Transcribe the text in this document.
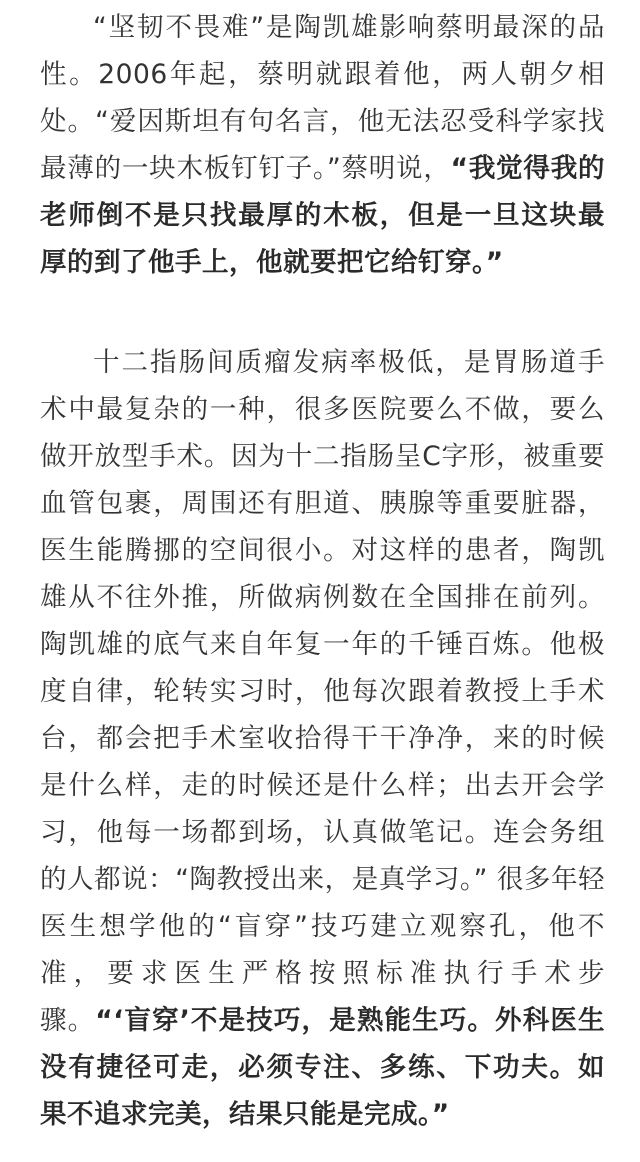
“坚韧不畏难”是陶凯雄影响蔡明最深的品性。2006年起，蔡明就跟着他，两人朝夕相处。“爱因斯坦有句名言，他无法忍受科学家找最薄的一块木板钉钉子。”蔡明说，“我觉得我的老师倒不是只找最厚的木板，但是一旦这块最厚的到了他手上，他就要把它给钉穿。”

十二指肠间质瘤发病率极低，是胃肠道手术中最复杂的一种，很多医院要么不做，要么做开放型手术。因为十二指肠呈C字形，被重要血管包裹，周围还有胆道、胰腺等重要脏器，医生能腾挪的空间很小。对这样的患者，陶凯雄从不往外推，所做病例数在全国排在前列。 陶凯雄的底气来自年复一年的千锤百炼。他极度自律，轮转实习时，他每次跟着教授上手术台，都会把手术室收拾得干干净净，来的时候是什么样，走的时候还是什么样；出去开会学习，他每一场都到场，认真做笔记。连会务组的人都说：“陶教授出来，是真学习。” 很多年轻医生想学他的“盲穿”技巧建立观察孔，他不准，要求医生严格按照标准执行手术步骤。“‘盲穿’不是技巧，是熟能生巧。外科医生没有捷径可走，必须专注、多练、下功夫。如果不追求完美，结果只能是完成。”
